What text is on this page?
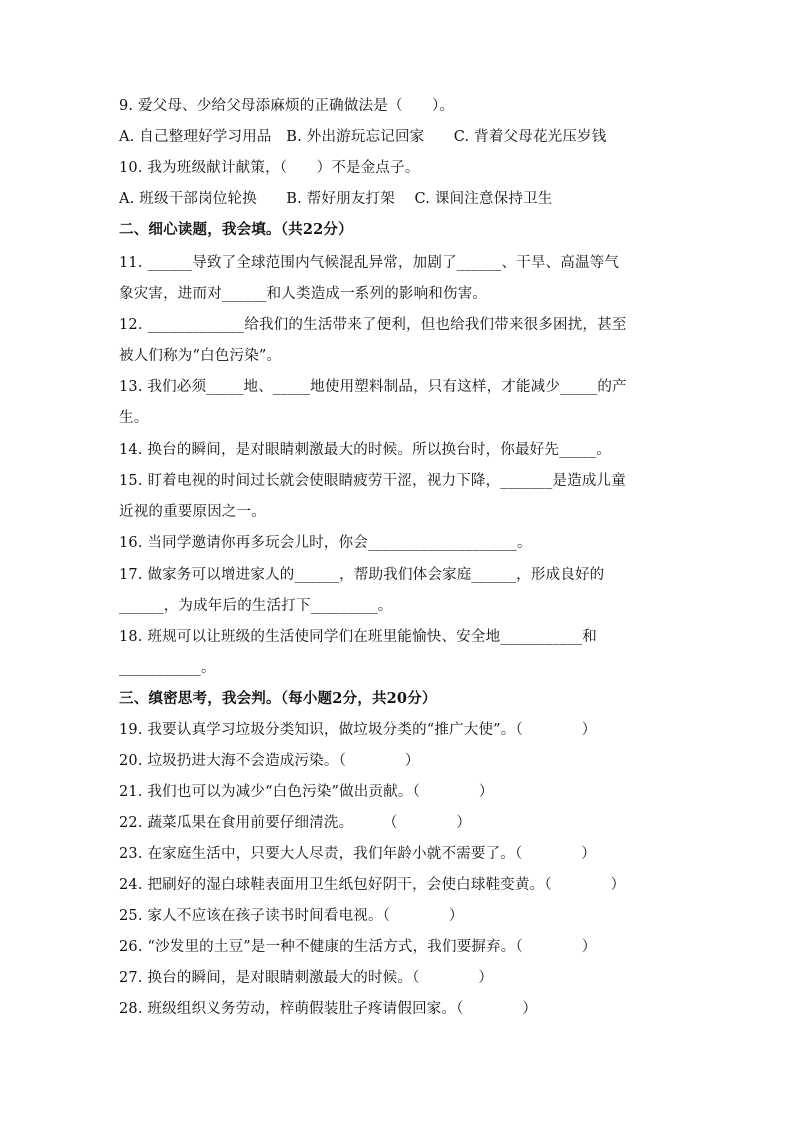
9. 爱父母、少给父母添麻烦的正确做法是（　　）。
A. 自己整理好学习用品　B. 外出游玩忘记回家　　C. 背着父母花光压岁钱
10. 我为班级献计献策，（　　）不是金点子。
A. 班级干部岗位轮换　　B. 帮好朋友打架　 C. 课间注意保持卫生
二、细心读题，我会填。（共22分）
11. ______导致了全球范围内气候混乱异常，加剧了______、干旱、高温等气
象灾害，进而对______和人类造成一系列的影响和伤害。
12. _____________给我们的生活带来了便利，但也给我们带来很多困扰，甚至
被人们称为“白色污染”。
13. 我们必须_____地、_____地使用塑料制品，只有这样，才能减少_____的产
生。
14. 换台的瞬间，是对眼睛刺激最大的时候。所以换台时，你最好先_____。
15. 盯着电视的时间过长就会使眼睛疲劳干涩，视力下降，_______是造成儿童
近视的重要原因之一。
16. 当同学邀请你再多玩会儿时，你会____________________。
17. 做家务可以增进家人的______，帮助我们体会家庭______，形成良好的
______，为成年后的生活打下_________。
18. 班规可以让班级的生活使同学们在班里能愉快、安全地___________和
___________。
三、缜密思考，我会判。（每小题2分，共20分）
19. 我要认真学习垃圾分类知识，做垃圾分类的“推广大使”。（　　　　）
20. 垃圾扔进大海不会造成污染。（　　　　）
21. 我们也可以为减少“白色污染”做出贡献。（　　　　）
22. 蔬菜瓜果在食用前要仔细清洗。　　　（　　　　）
23. 在家庭生活中，只要大人尽责，我们年龄小就不需要了。（　　　　）
24. 把刷好的湿白球鞋表面用卫生纸包好阴干，会使白球鞋变黄。（　　　　）
25. 家人不应该在孩子读书时间看电视。（　　　　）
26. “沙发里的土豆”是一种不健康的生活方式，我们要摒弃。（　　　　）
27. 换台的瞬间，是对眼睛刺激最大的时候。（　　　　）
28. 班级组织义务劳动，梓萌假装肚子疼请假回家。（　　　　）
